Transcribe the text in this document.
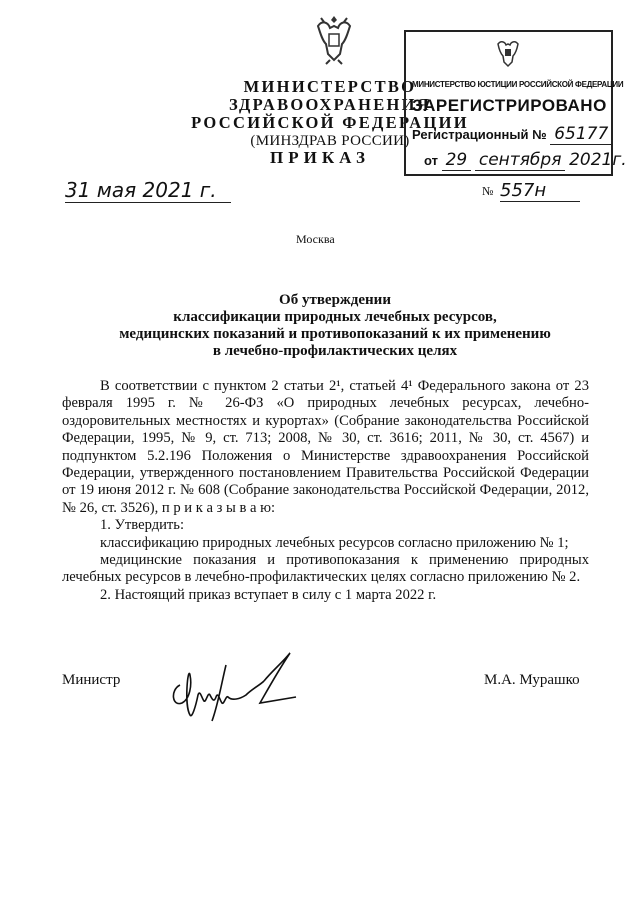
МИНИСТЕРСТВО ЗДРАВООХРАНЕНИЯ
РОССИЙСКОЙ ФЕДЕРАЦИИ
(МИНЗДРАВ РОССИИ)
МИНИСТЕРСТВО ЮСТИЦИИ РОССИЙСКОЙ ФЕДЕРАЦИИ
ЗАРЕГИСТРИРОВАНО
Регистрационный № 65177
от 29 сентября 2021г.
ПРИКАЗ
31 мая 2021 г.	№ 557н
Москва
Об утверждении
классификации природных лечебных ресурсов,
медицинских показаний и противопоказаний к их применению
в лечебно-профилактических целях

В соответствии с пунктом 2 статьи 2¹, статьей 4¹ Федерального закона от 23 февраля 1995 г. № 26-ФЗ «О природных лечебных ресурсах, лечебно-оздоровительных местностях и курортах» (Собрание законодательства Российской Федерации, 1995, № 9, ст. 713; 2008, № 30, ст. 3616; 2011, № 30, ст. 4567) и подпунктом 5.2.196 Положения о Министерстве здравоохранения Российской Федерации, утвержденного постановлением Правительства Российской Федерации от 19 июня 2012 г. № 608 (Собрание законодательства Российской Федерации, 2012, № 26, ст. 3526), п р и к а з ы в а ю:

1. Утвердить:

классификацию природных лечебных ресурсов согласно приложению № 1;

медицинские показания и противопоказания к применению природных лечебных ресурсов в лечебно-профилактических целях согласно приложению № 2.

2. Настоящий приказ вступает в силу с 1 марта 2022 г.

Министр	М.А. Мурашко
